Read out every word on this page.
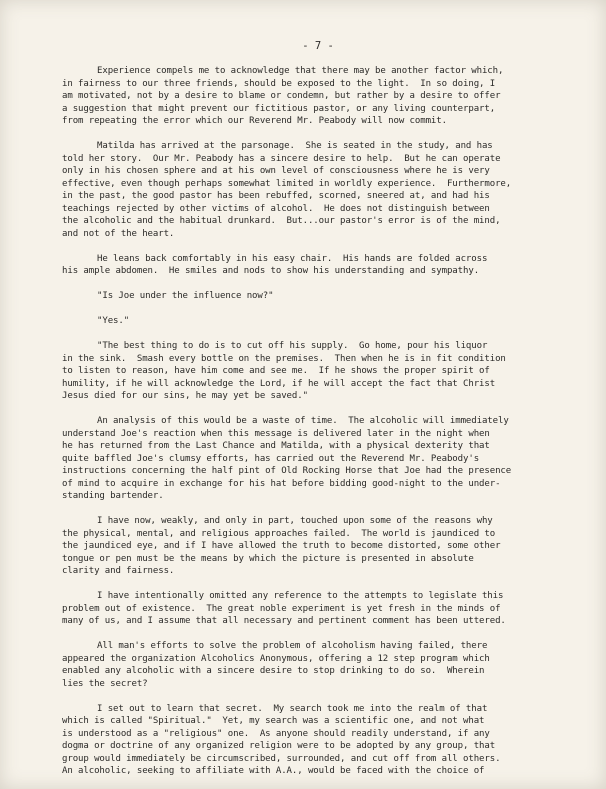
- 7 -
Experience compels me to acknowledge that there may be another factor which,
in fairness to our three friends, should be exposed to the light.  In so doing, I
am motivated, not by a desire to blame or condemn, but rather by a desire to offer
a suggestion that might prevent our fictitious pastor, or any living counterpart,
from repeating the error which our Reverend Mr. Peabody will now commit.
Matilda has arrived at the parsonage.  She is seated in the study, and has
told her story.  Our Mr. Peabody has a sincere desire to help.  But he can operate
only in his chosen sphere and at his own level of consciousness where he is very
effective, even though perhaps somewhat limited in worldly experience.  Furthermore,
in the past, the good pastor has been rebuffed, scorned, sneered at, and had his
teachings rejected by other victims of alcohol.  He does not distinguish between
the alcoholic and the habitual drunkard.  But...our pastor's error is of the mind,
and not of the heart.
He leans back comfortably in his easy chair.  His hands are folded across
his ample abdomen.  He smiles and nods to show his understanding and sympathy.
"Is Joe under the influence now?"
"Yes."
"The best thing to do is to cut off his supply.  Go home, pour his liquor
in the sink.  Smash every bottle on the premises.  Then when he is in fit condition
to listen to reason, have him come and see me.  If he shows the proper spirit of
humility, if he will acknowledge the Lord, if he will accept the fact that Christ
Jesus died for our sins, he may yet be saved."
An analysis of this would be a waste of time.  The alcoholic will immediately
understand Joe's reaction when this message is delivered later in the night when
he has returned from the Last Chance and Matilda, with a physical dexterity that
quite baffled Joe's clumsy efforts, has carried out the Reverend Mr. Peabody's
instructions concerning the half pint of Old Rocking Horse that Joe had the presence
of mind to acquire in exchange for his hat before bidding good-night to the under-
standing bartender.
I have now, weakly, and only in part, touched upon some of the reasons why
the physical, mental, and religious approaches failed.  The world is jaundiced to
the jaundiced eye, and if I have allowed the truth to become distorted, some other
tongue or pen must be the means by which the picture is presented in absolute
clarity and fairness.
I have intentionally omitted any reference to the attempts to legislate this
problem out of existence.  The great noble experiment is yet fresh in the minds of
many of us, and I assume that all necessary and pertinent comment has been uttered.
All man's efforts to solve the problem of alcoholism having failed, there
appeared the organization Alcoholics Anonymous, offering a 12 step program which
enabled any alcoholic with a sincere desire to stop drinking to do so.  Wherein
lies the secret?
I set out to learn that secret.  My search took me into the realm of that
which is called "Spiritual."  Yet, my search was a scientific one, and not what
is understood as a "religious" one.  As anyone should readily understand, if any
dogma or doctrine of any organized religion were to be adopted by any group, that
group would immediately be circumscribed, surrounded, and cut off from all others.
An alcoholic, seeking to affiliate with A.A., would be faced with the choice of
